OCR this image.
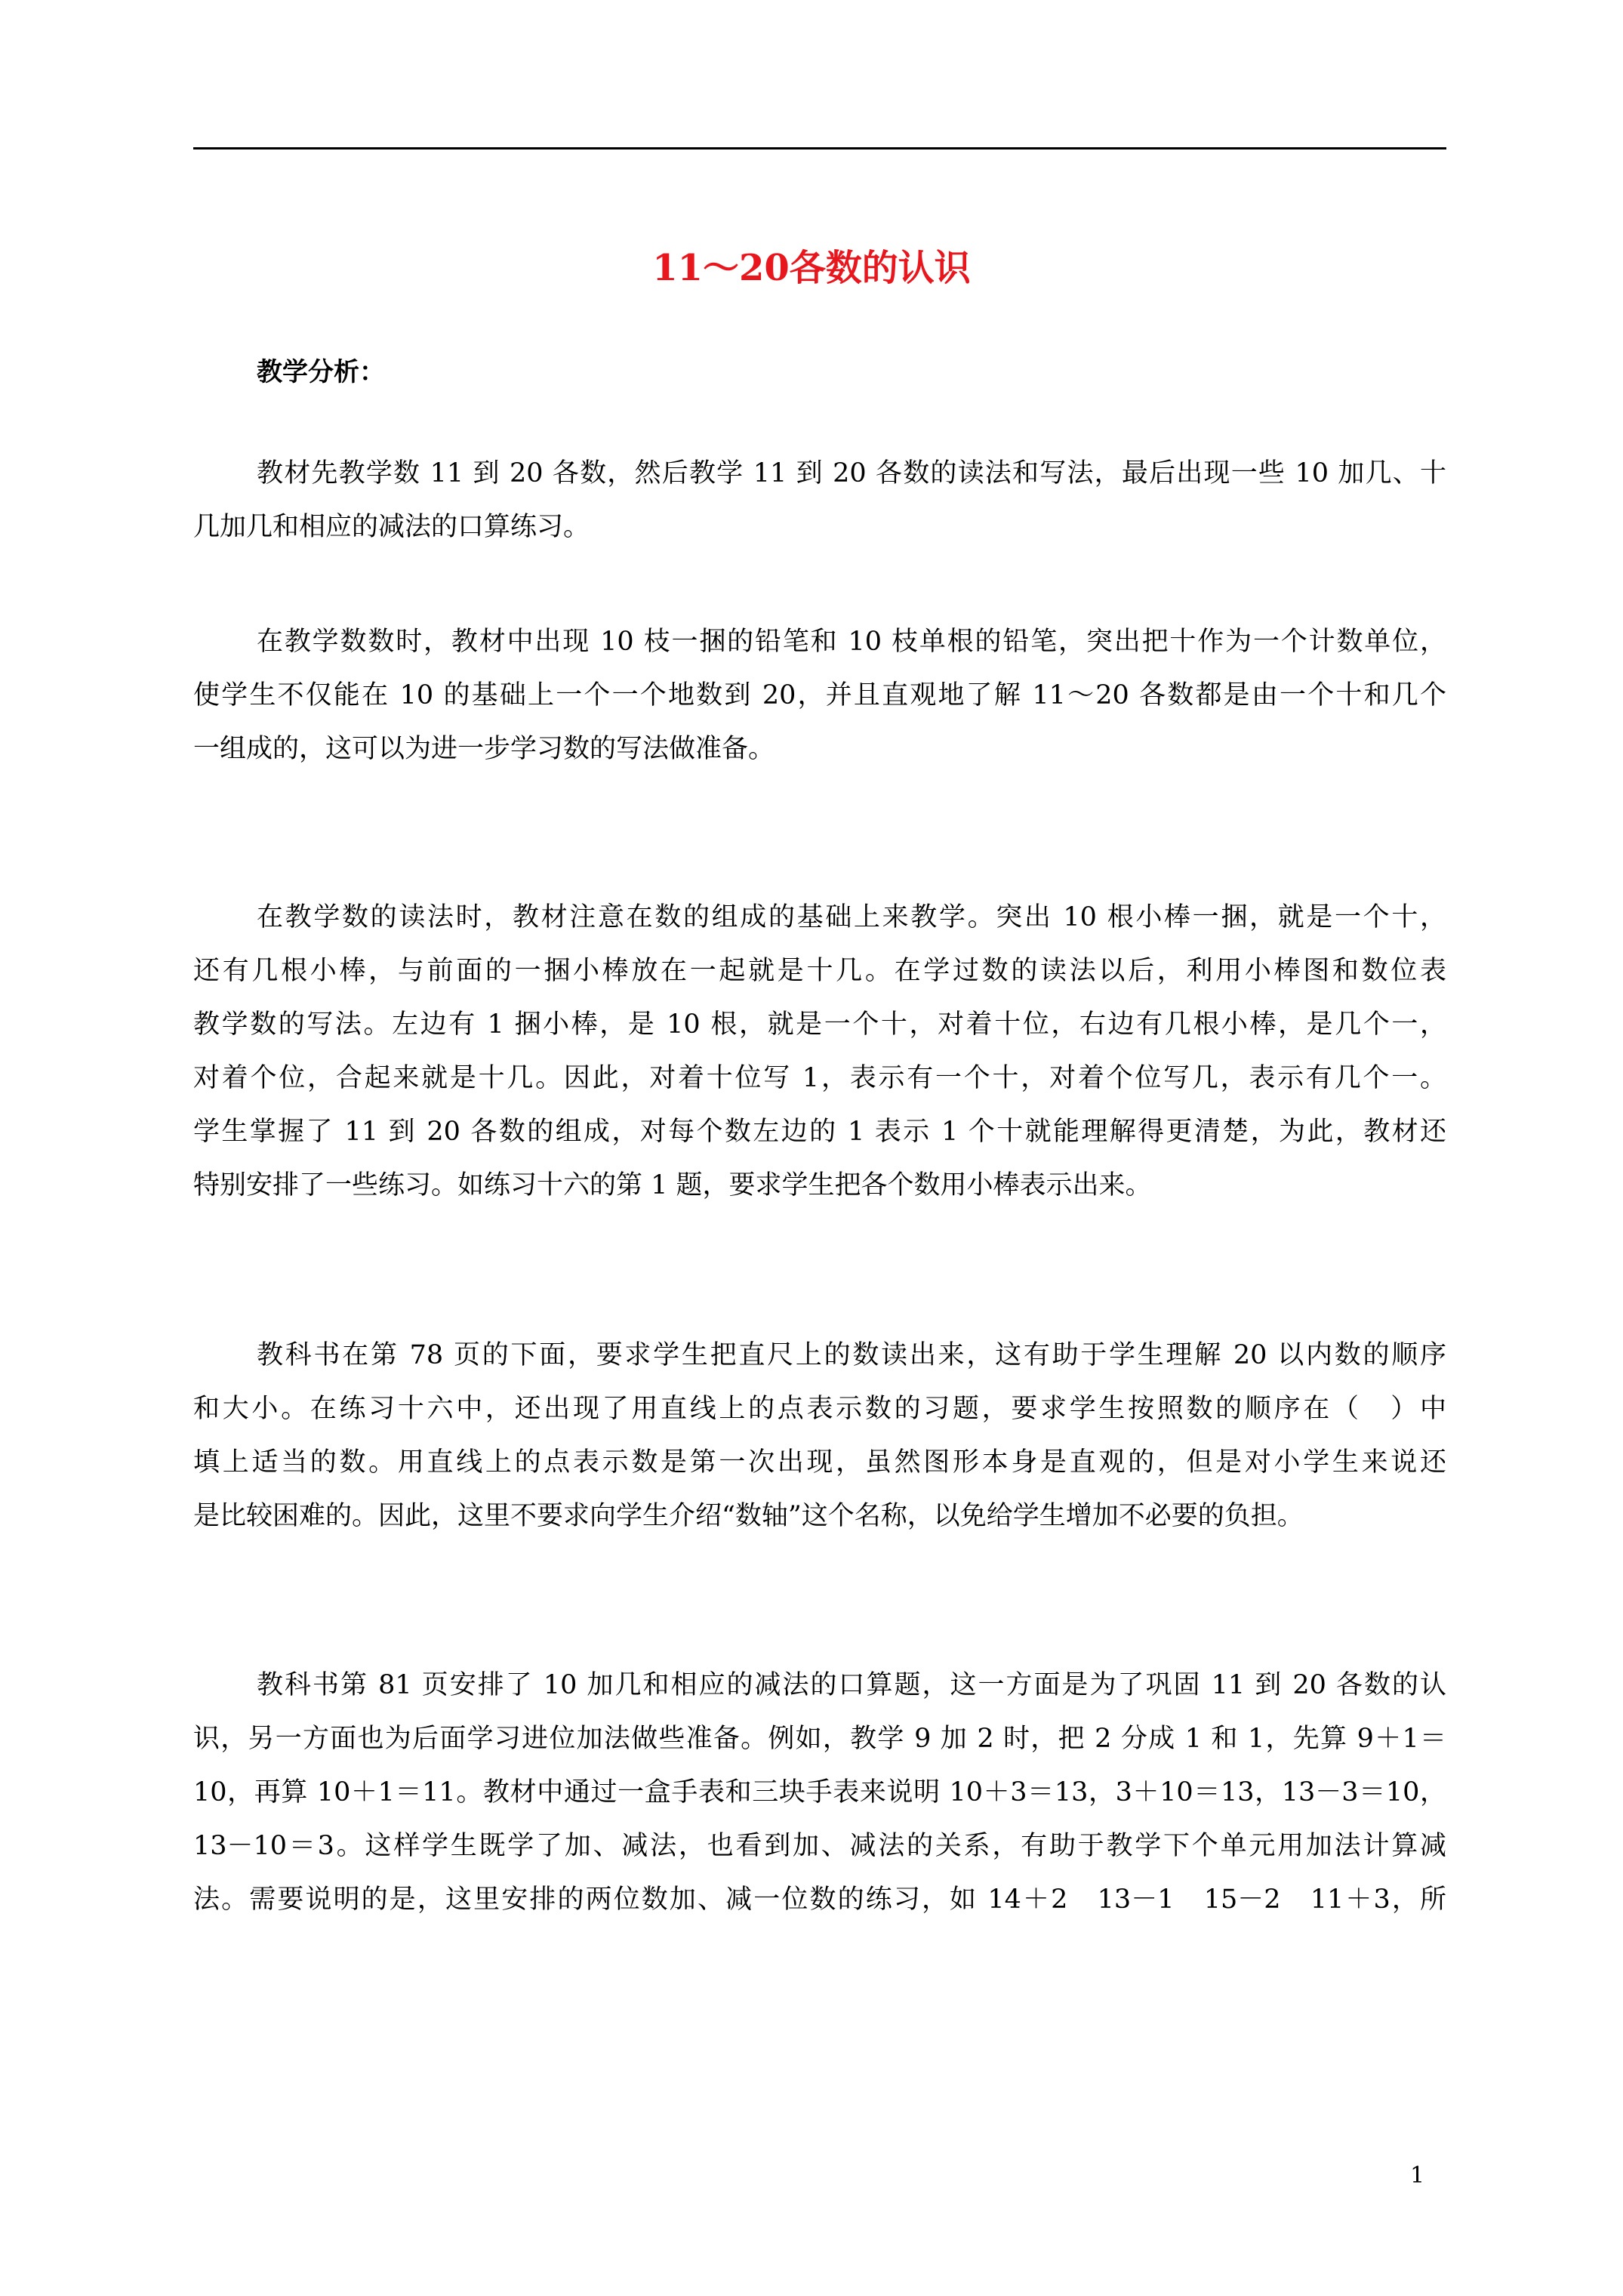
11～20各数的认识
教学分析：
教材先教学数 11 到 20 各数，然后教学 11 到 20 各数的读法和写法，最后出现一些 10 加几、十
几加几和相应的减法的口算练习。
在教学数数时，教材中出现 10 枝一捆的铅笔和 10 枝单根的铅笔，突出把十作为一个计数单位，
使学生不仅能在 10 的基础上一个一个地数到 20，并且直观地了解 11～20 各数都是由一个十和几个
一组成的，这可以为进一步学习数的写法做准备。
在教学数的读法时，教材注意在数的组成的基础上来教学。突出 10 根小棒一捆，就是一个十，
还有几根小棒，与前面的一捆小棒放在一起就是十几。在学过数的读法以后，利用小棒图和数位表
教学数的写法。左边有 1 捆小棒，是 10 根，就是一个十，对着十位，右边有几根小棒，是几个一，
对着个位，合起来就是十几。因此，对着十位写 1，表示有一个十，对着个位写几，表示有几个一。
学生掌握了 11 到 20 各数的组成，对每个数左边的 1 表示 1 个十就能理解得更清楚，为此，教材还
特别安排了一些练习。如练习十六的第 1 题，要求学生把各个数用小棒表示出来。
教科书在第 78 页的下面，要求学生把直尺上的数读出来，这有助于学生理解 20 以内数的顺序
和大小。在练习十六中，还出现了用直线上的点表示数的习题，要求学生按照数的顺序在（　）中
填上适当的数。用直线上的点表示数是第一次出现，虽然图形本身是直观的，但是对小学生来说还
是比较困难的。因此，这里不要求向学生介绍“数轴”这个名称，以免给学生增加不必要的负担。
教科书第 81 页安排了 10 加几和相应的减法的口算题，这一方面是为了巩固 11 到 20 各数的认
识，另一方面也为后面学习进位加法做些准备。例如，教学 9 加 2 时，把 2 分成 1 和 1，先算 9＋1＝
10，再算 10＋1＝11。教材中通过一盒手表和三块手表来说明 10＋3＝13，3＋10＝13，13－3＝10，
13－10＝3。这样学生既学了加、减法，也看到加、减法的关系，有助于教学下个单元用加法计算减
法。需要说明的是，这里安排的两位数加、减一位数的练习，如 14＋2　13－1　15－2　11＋3，所
1
